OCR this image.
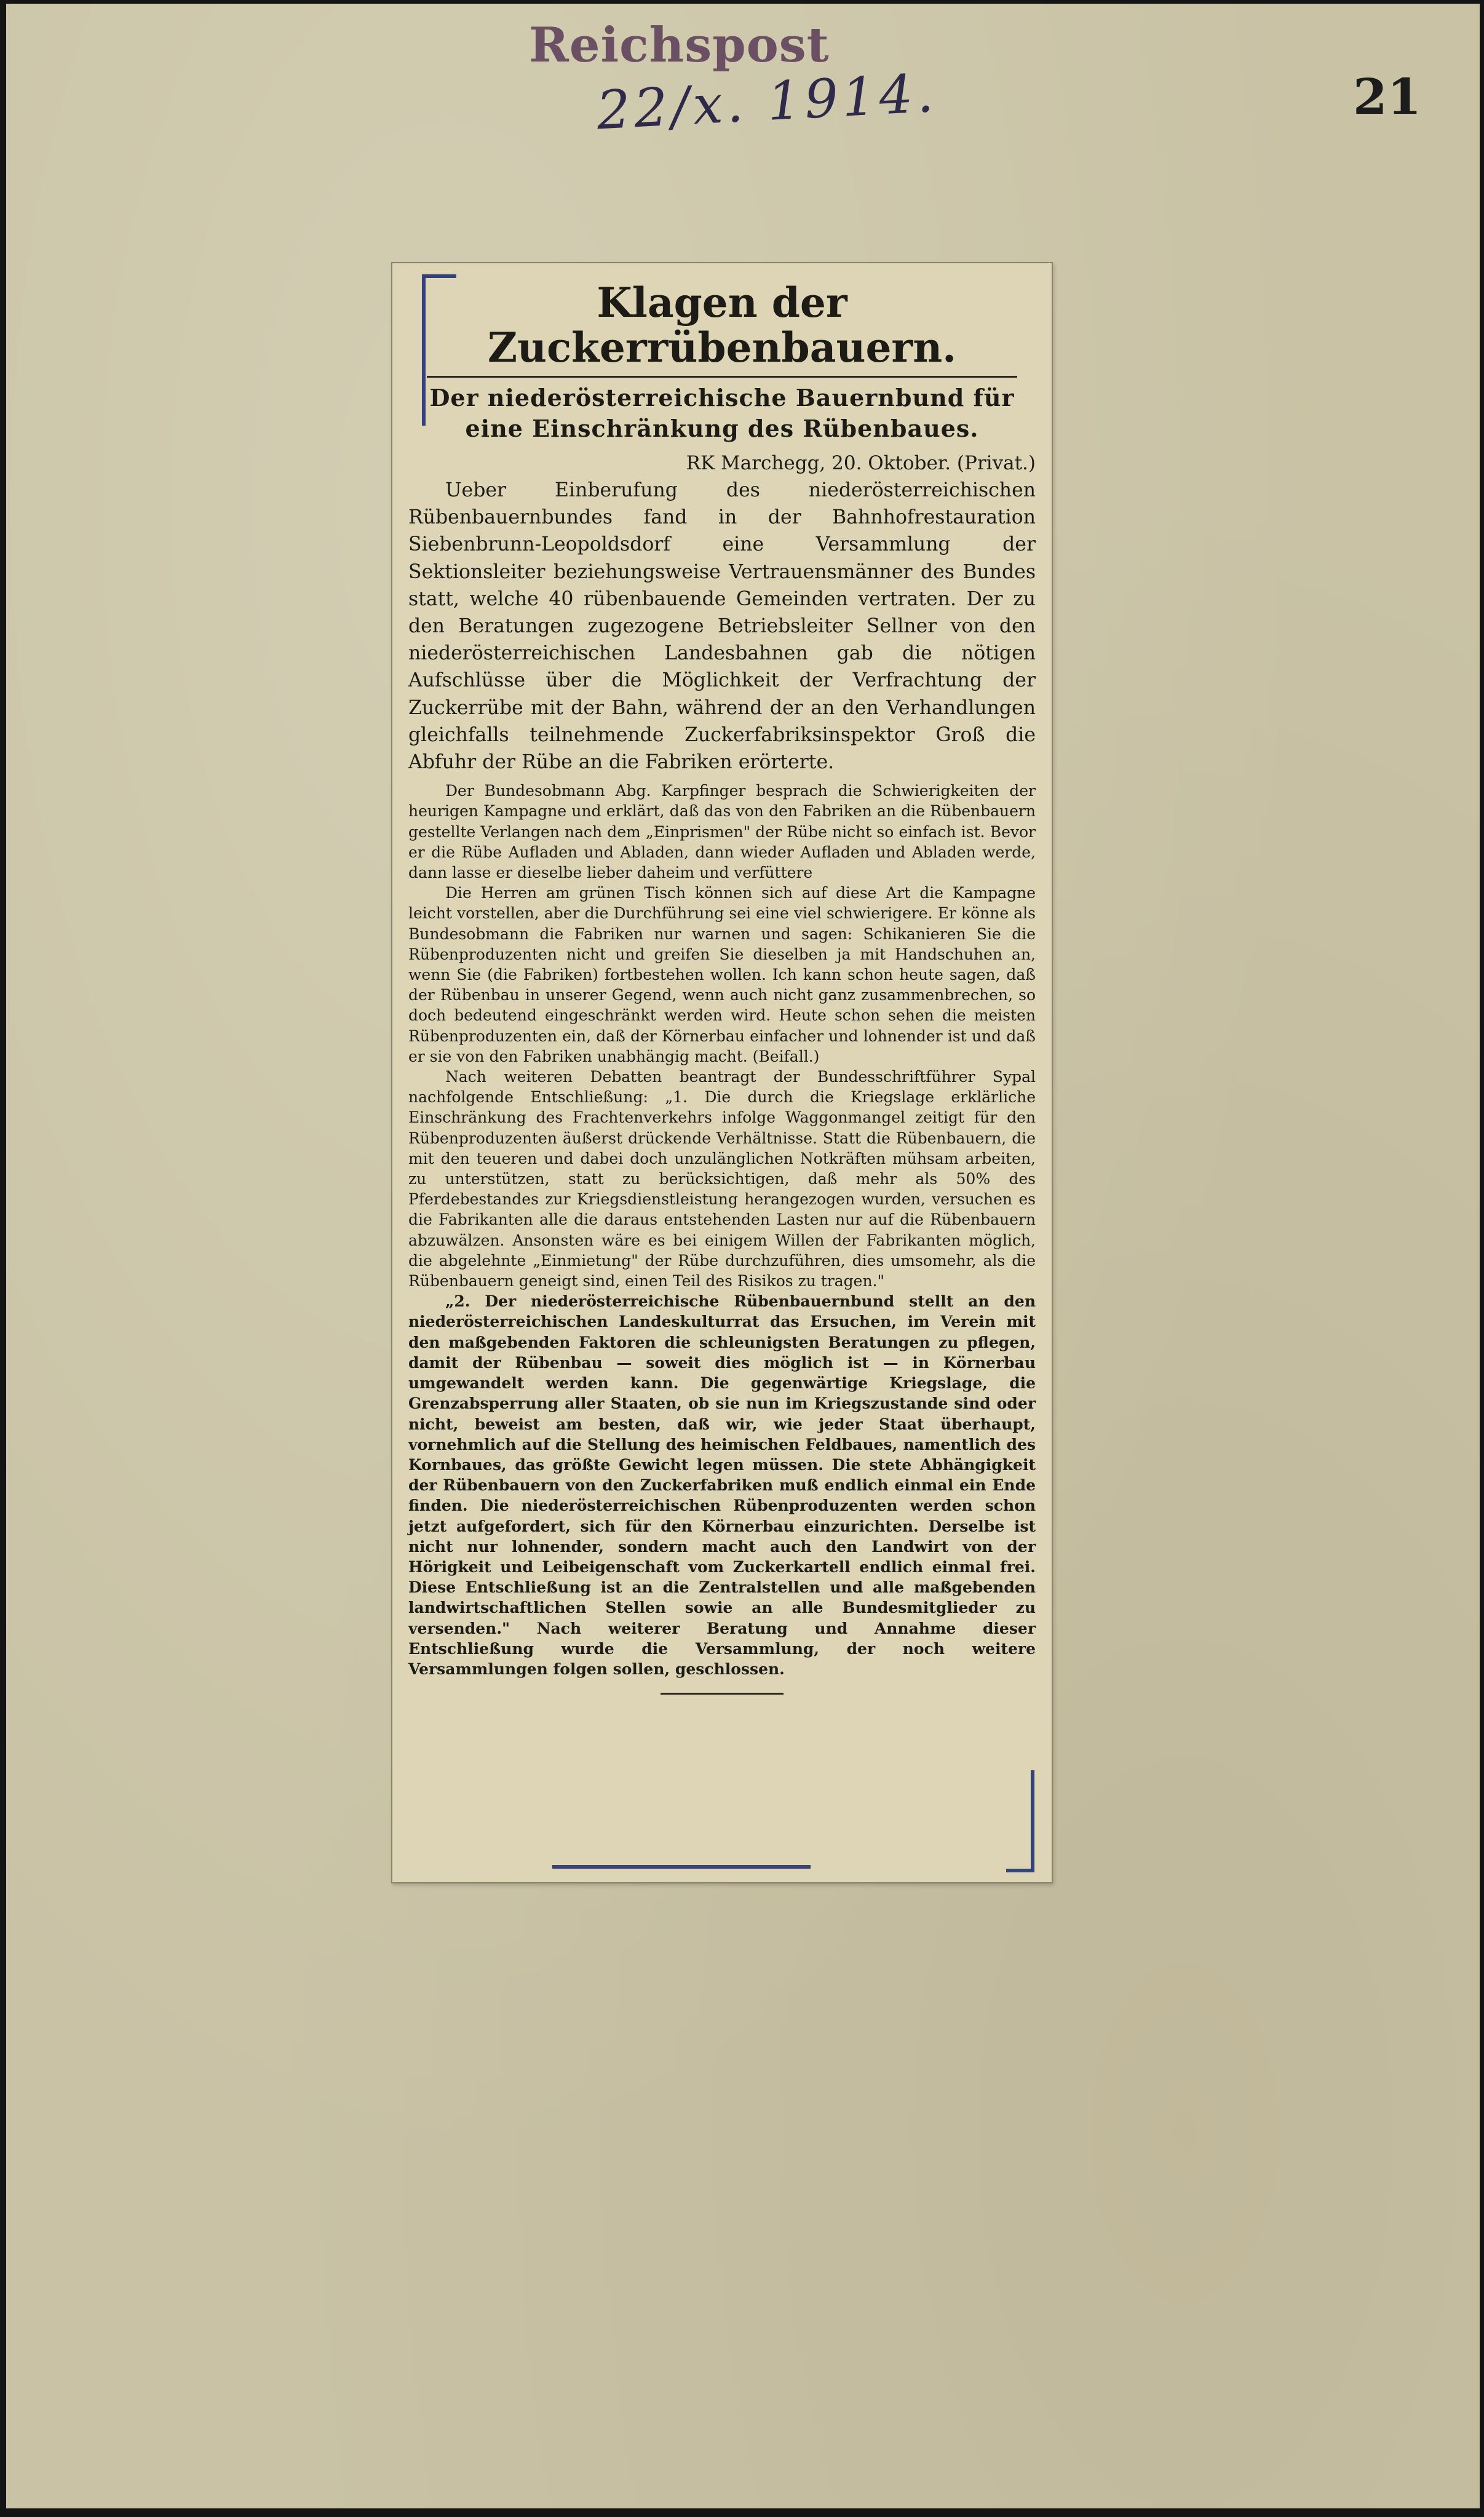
Reichspost
22/x. 1914.	21
Klagen der Zuckerrübenbauern.
Der niederösterreichische Bauernbund für eine Einschränkung des Rübenbaues.
RK Marchegg, 20. Oktober. (Privat.)

Ueber Einberufung des niederösterreichischen Rübenbauernbundes fand in der Bahnhofrestauration Siebenbrunn-Leopoldsdorf eine Versammlung der Sektionsleiter beziehungsweise Vertrauensmänner des Bundes statt, welche 40 rübenbauende Gemeinden vertraten. Der zu den Beratungen zugezogene Betriebsleiter Sellner von den niederösterreichischen Landesbahnen gab die nötigen Aufschlüsse über die Möglichkeit der Verfrachtung der Zuckerrübe mit der Bahn, während der an den Verhandlungen gleichfalls teilnehmende Zuckerfabriksinspektor Groß die Abfuhr der Rübe an die Fabriken erörterte.

Der Bundesobmann Abg. Karpfinger besprach die Schwierigkeiten der heurigen Kampagne und erklärt, daß das von den Fabriken an die Rübenbauern gestellte Verlangen nach dem „Einprismen" der Rübe nicht so einfach ist. Bevor er die Rübe Aufladen und Abladen, dann wieder Aufladen und Abladen werde, dann lasse er dieselbe lieber daheim und verfüttere

Die Herren am grünen Tisch können sich auf diese Art die Kampagne leicht vorstellen, aber die Durchführung sei eine viel schwierigere. Er könne als Bundesobmann die Fabriken nur warnen und sagen: Schikanieren Sie die Rübenproduzenten nicht und greifen Sie dieselben ja mit Handschuhen an, wenn Sie (die Fabriken) fortbestehen wollen. Ich kann schon heute sagen, daß der Rübenbau in unserer Gegend, wenn auch nicht ganz zusammenbrechen, so doch bedeutend eingeschränkt werden wird. Heute schon sehen die meisten Rübenproduzenten ein, daß der Körnerbau einfacher und lohnender ist und daß er sie von den Fabriken unabhängig macht. (Beifall.)

Nach weiteren Debatten beantragt der Bundesschriftführer Sypal nachfolgende Entschließung: „1. Die durch die Kriegslage erklärliche Einschränkung des Frachtenverkehrs infolge Waggonmangel zeitigt für den Rübenproduzenten äußerst drückende Verhältnisse. Statt die Rübenbauern, die mit den teueren und dabei doch unzulänglichen Notkräften mühsam arbeiten, zu unterstützen, statt zu berücksichtigen, daß mehr als 50% des Pferdebestandes zur Kriegsdienstleistung herangezogen wurden, versuchen es die Fabrikanten alle die daraus entstehenden Lasten nur auf die Rübenbauern abzuwälzen. Ansonsten wäre es bei einigem Willen der Fabrikanten möglich, die abgelehnte „Einmietung" der Rübe durchzuführen, dies umsomehr, als die Rübenbauern geneigt sind, einen Teil des Risikos zu tragen."

„2. Der niederösterreichische Rübenbauernbund stellt an den niederösterreichischen Landeskulturrat das Ersuchen, im Verein mit den maßgebenden Faktoren die schleunigsten Beratungen zu pflegen, damit der Rübenbau — soweit dies möglich ist — in Körnerbau umgewandelt werden kann. Die gegenwärtige Kriegslage, die Grenzabsperrung aller Staaten, ob sie nun im Kriegszustande sind oder nicht, beweist am besten, daß wir, wie jeder Staat überhaupt, vornehmlich auf die Stellung des heimischen Feldbaues, namentlich des Kornbaues, das größte Gewicht legen müssen. Die stete Abhängigkeit der Rübenbauern von den Zuckerfabriken muß endlich einmal ein Ende finden. Die niederösterreichischen Rübenproduzenten werden schon jetzt aufgefordert, sich für den Körnerbau einzurichten. Derselbe ist nicht nur lohnender, sondern macht auch den Landwirt von der Hörigkeit und Leibeigenschaft vom Zuckerkartell endlich einmal frei. Diese Entschließung ist an die Zentralstellen und alle maßgebenden landwirtschaftlichen Stellen sowie an alle Bundesmitglieder zu versenden." Nach weiterer Beratung und Annahme dieser Entschließung wurde die Versammlung, der noch weitere Versammlungen folgen sollen, geschlossen.
